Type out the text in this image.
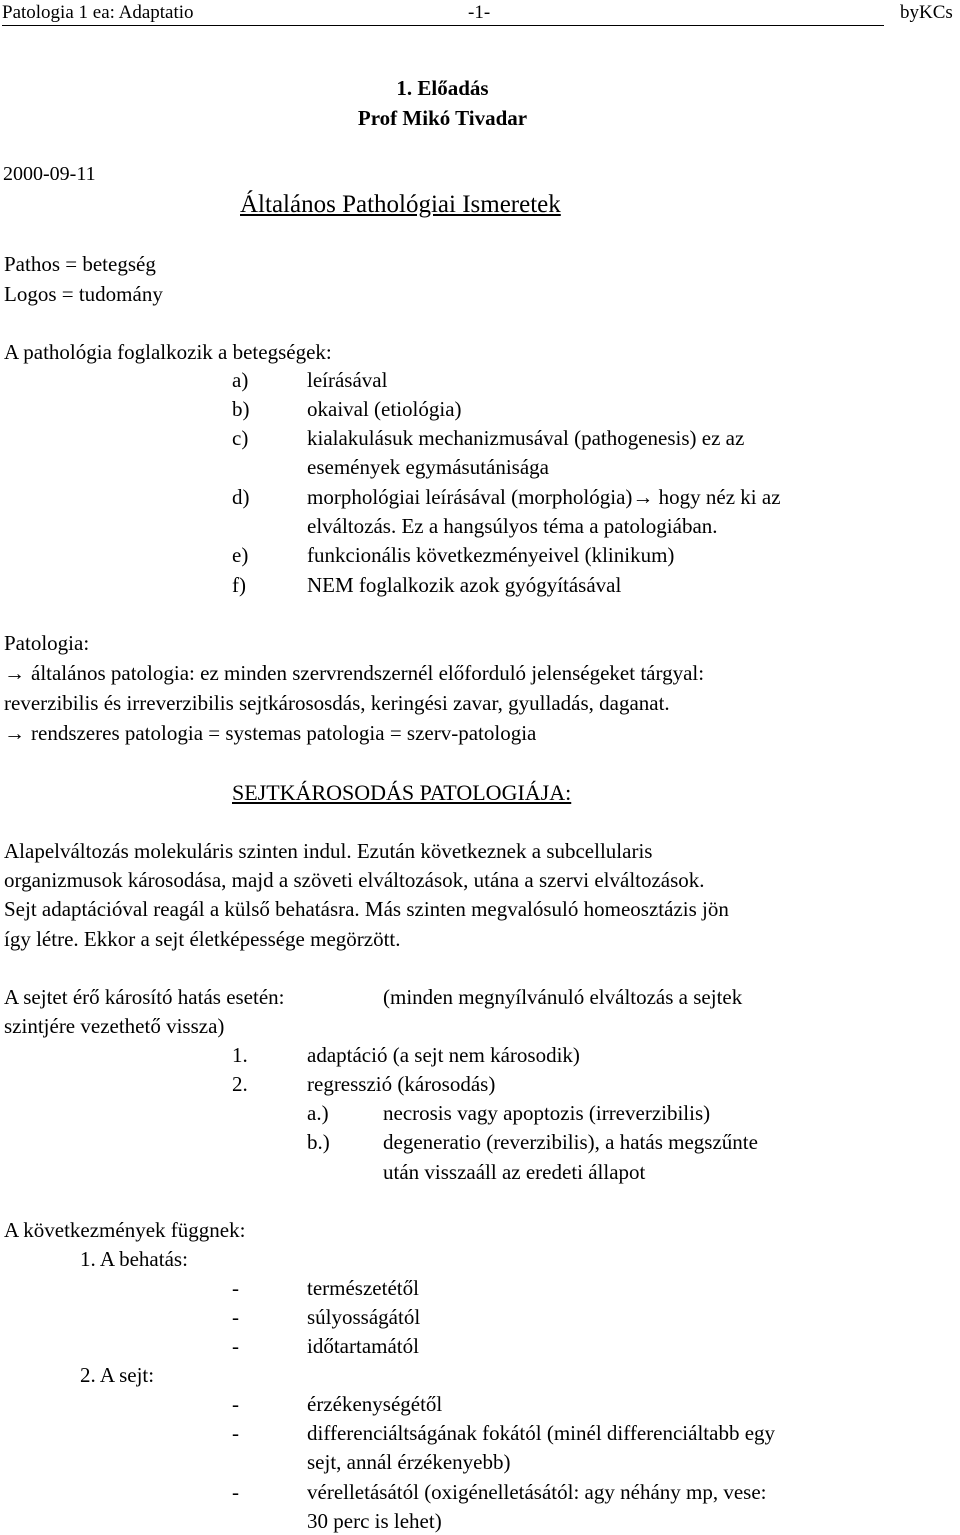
Patologia 1 ea: Adaptatio	-1-	byKCs
1. Előadás
Prof Mikó Tivadar
2000-09-11
Általános Pathológiai Ismeretek
Pathos = betegség
Logos = tudomány
A pathológia foglalkozik a betegségek:
a)	leírásával
b)	okaival (etiológia)
c)	kialakulásuk mechanizmusával (pathogenesis) ez az
események egymásutánisága
d)	morphológiai leírásával (morphológia)→ hogy néz ki az
elváltozás. Ez a hangsúlyos téma a patologiában.
e)	funkcionális következményeivel (klinikum)
f)	NEM foglalkozik azok gyógyításával
Patologia:
→ általános patologia: ez minden szervrendszernél előforduló jelenségeket tárgyal:
reverzibilis és irreverzibilis sejtkárososdás, keringési zavar, gyulladás, daganat.
→ rendszeres patologia = systemas patologia = szerv-patologia
SEJTKÁROSODÁS PATOLOGIÁJA:
Alapelváltozás molekuláris szinten indul. Ezután következnek a subcellularis
organizmusok károsodása, majd a szöveti elváltozások, utána a szervi elváltozások.
Sejt adaptációval reagál a külső behatásra. Más szinten megvalósuló homeosztázis jön
így létre. Ekkor a sejt életképessége megörzött.
A sejtet érő károsító hatás esetén:	(minden megnyílvánuló elváltozás a sejtek
szintjére vezethető vissza)
1.	adaptáció (a sejt nem károsodik)
2.	regresszió (károsodás)
a.)	necrosis vagy apoptozis (irreverzibilis)
b.)	degeneratio (reverzibilis), a hatás megszűnte
után visszaáll az eredeti állapot
A következmények függnek:
1. A behatás:
-	természetétől
-	súlyosságától
-	időtartamától
2. A sejt:
-	érzékenységétől
-	differenciáltságának fokától (minél differenciáltabb egy
sejt, annál érzékenyebb)
-	vérelletásától (oxigénelletásától: agy néhány mp, vese:
30 perc is lehet)
